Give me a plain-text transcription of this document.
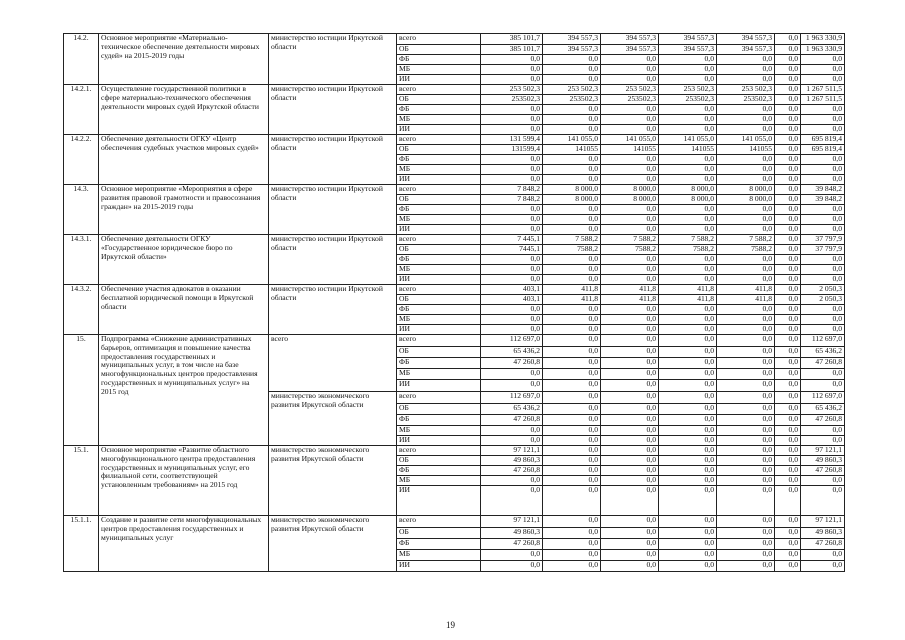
14.2.	Основное мероприятие «Материально-техническое обеспечение деятельности мировых судей» на 2015-2019 годы	министерство юстиции Иркутской области	всего	385 101,7	394 557,3	394 557,3	394 557,3	394 557,3	0,0	1 963 330,9
			ОБ	385 101,7	394 557,3	394 557,3	394 557,3	394 557,3	0,0	1 963 330,9
			ФБ	0,0	0,0	0,0	0,0	0,0	0,0	0,0
			МБ	0,0	0,0	0,0	0,0	0,0	0,0	0,0
			ИИ	0,0	0,0	0,0	0,0	0,0	0,0	0,0
14.2.1.	Осуществление государственной политики в сфере материально-технического обеспечения деятельности мировых судей Иркутской области	министерство юстиции Иркутской области	всего	253 502,3	253 502,3	253 502,3	253 502,3	253 502,3	0,0	1 267 511,5
			ОБ	253502,3	253502,3	253502,3	253502,3	253502,3	0,0	1 267 511,5
			ФБ	0,0	0,0	0,0	0,0	0,0	0,0	0,0
			МБ	0,0	0,0	0,0	0,0	0,0	0,0	0,0
			ИИ	0,0	0,0	0,0	0,0	0,0	0,0	0,0
14.2.2.	Обеспечение деятельности ОГКУ «Центр обеспечения судебных участков мировых судей»	министерство юстиции Иркутской области	всего	131 599,4	141 055,0	141 055,0	141 055,0	141 055,0	0,0	695 819,4
			ОБ	131599,4	141055	141055	141055	141055	0,0	695 819,4
			ФБ	0,0	0,0	0,0	0,0	0,0	0,0	0,0
			МБ	0,0	0,0	0,0	0,0	0,0	0,0	0,0
			ИИ	0,0	0,0	0,0	0,0	0,0	0,0	0,0
14.3.	Основное мероприятие «Мероприятия в сфере развития правовой грамотности и правосознания граждан» на 2015-2019 годы	министерство юстиции Иркутской области	всего	7 848,2	8 000,0	8 000,0	8 000,0	8 000,0	0,0	39 848,2
			ОБ	7 848,2	8 000,0	8 000,0	8 000,0	8 000,0	0,0	39 848,2
			ФБ	0,0	0,0	0,0	0,0	0,0	0,0	0,0
			МБ	0,0	0,0	0,0	0,0	0,0	0,0	0,0
			ИИ	0,0	0,0	0,0	0,0	0,0	0,0	0,0
14.3.1.	Обеспечение деятельности ОГКУ «Государственное юридическое бюро по Иркутской области»	министерство юстиции Иркутской области	всего	7 445,1	7 588,2	7 588,2	7 588,2	7 588,2	0,0	37 797,9
			ОБ	7445,1	7588,2	7588,2	7588,2	7588,2	0,0	37 797,9
			ФБ	0,0	0,0	0,0	0,0	0,0	0,0	0,0
			МБ	0,0	0,0	0,0	0,0	0,0	0,0	0,0
			ИИ	0,0	0,0	0,0	0,0	0,0	0,0	0,0
14.3.2.	Обеспечение участия адвокатов в оказании бесплатной юридической помощи в Иркутской области	министерство юстиции Иркутской области	всего	403,1	411,8	411,8	411,8	411,8	0,0	2 050,3
			ОБ	403,1	411,8	411,8	411,8	411,8	0,0	2 050,3
			ФБ	0,0	0,0	0,0	0,0	0,0	0,0	0,0
			МБ	0,0	0,0	0,0	0,0	0,0	0,0	0,0
			ИИ	0,0	0,0	0,0	0,0	0,0	0,0	0,0
15.	Подпрограмма «Снижение административных барьеров, оптимизация и повышение качества предоставления государственных и муниципальных услуг, в том числе на базе многофункциональных центров предоставления государственных и муниципальных услуг» на 2015 год	всего	всего	112 697,0	0,0	0,0	0,0	0,0	0,0	112 697,0
			ОБ	65 436,2	0,0	0,0	0,0	0,0	0,0	65 436,2
			ФБ	47 260,8	0,0	0,0	0,0	0,0	0,0	47 260,8
			МБ	0,0	0,0	0,0	0,0	0,0	0,0	0,0
			ИИ	0,0	0,0	0,0	0,0	0,0	0,0	0,0
		министерство экономического развития Иркутской области	всего	112 697,0	0,0	0,0	0,0	0,0	0,0	112 697,0
			ОБ	65 436,2	0,0	0,0	0,0	0,0	0,0	65 436,2
			ФБ	47 260,8	0,0	0,0	0,0	0,0	0,0	47 260,8
			МБ	0,0	0,0	0,0	0,0	0,0	0,0	0,0
			ИИ	0,0	0,0	0,0	0,0	0,0	0,0	0,0
15.1.	Основное мероприятие «Развитие областного многофункционального центра предоставления государственных и муниципальных услуг, его филиальной сети, соответствующей установленным требованиям» на 2015 год	министерство экономического развития Иркутской области	всего	97 121,1	0,0	0,0	0,0	0,0	0,0	97 121,1
			ОБ	49 860,3	0,0	0,0	0,0	0,0	0,0	49 860,3
			ФБ	47 260,8	0,0	0,0	0,0	0,0	0,0	47 260,8
			МБ	0,0	0,0	0,0	0,0	0,0	0,0	0,0
			ИИ	0,0	0,0	0,0	0,0	0,0	0,0	0,0
15.1.1.	Создание и развитие сети многофункциональных центров предоставления государственных и муниципальных услуг	министерство экономического развития Иркутской области	всего	97 121,1	0,0	0,0	0,0	0,0	0,0	97 121,1
			ОБ	49 860,3	0,0	0,0	0,0	0,0	0,0	49 860,3
			ФБ	47 260,8	0,0	0,0	0,0	0,0	0,0	47 260,8
			МБ	0,0	0,0	0,0	0,0	0,0	0,0	0,0
			ИИ	0,0	0,0	0,0	0,0	0,0	0,0	0,0
19
